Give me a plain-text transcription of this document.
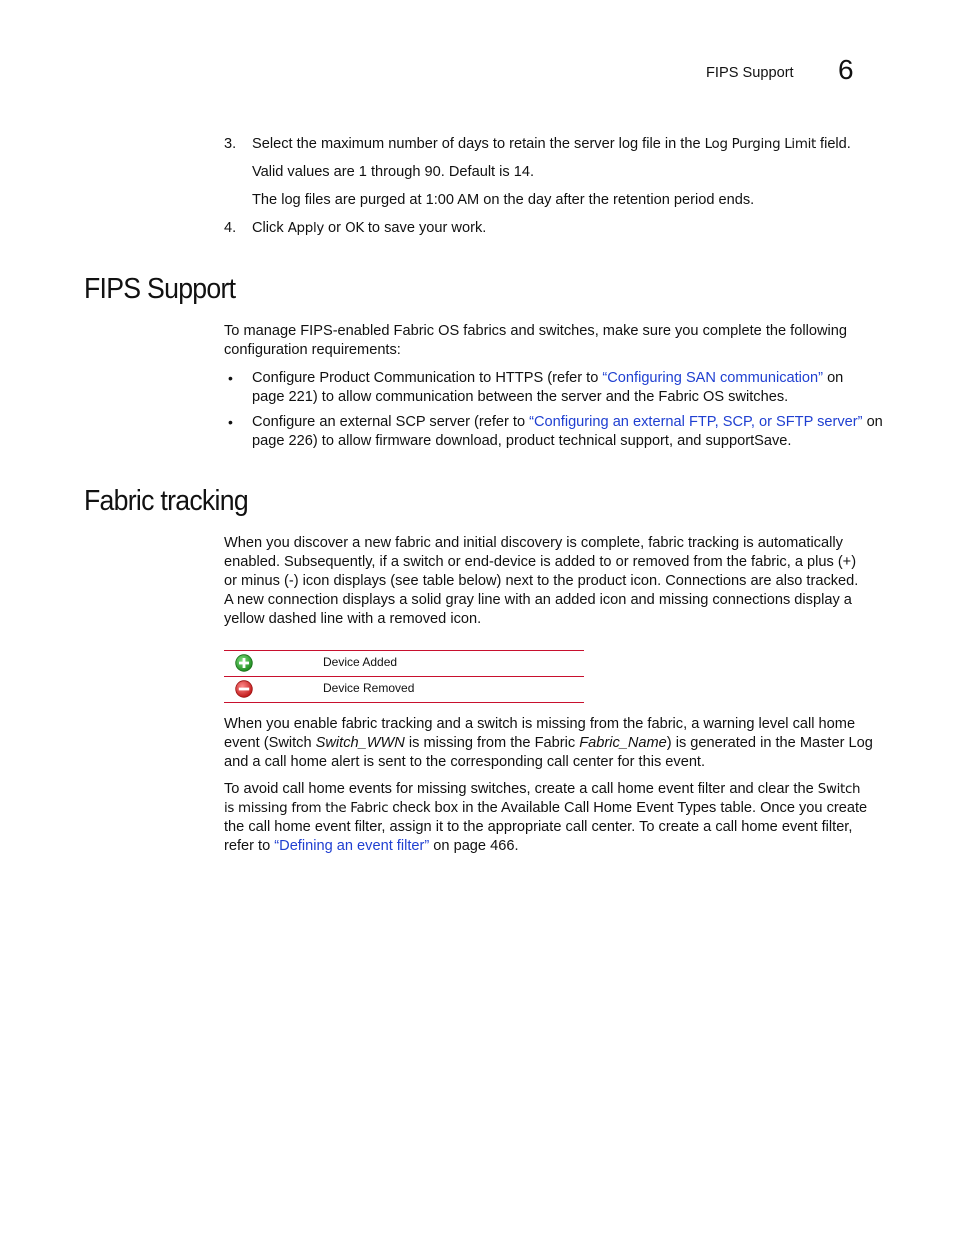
FIPS Support 6
3. Select the maximum number of days to retain the server log file in the Log Purging Limit field.
Valid values are 1 through 90. Default is 14.
The log files are purged at 1:00 AM on the day after the retention period ends.
4. Click Apply or OK to save your work.
FIPS Support
To manage FIPS-enabled Fabric OS fabrics and switches, make sure you complete the following
configuration requirements:
• Configure Product Communication to HTTPS (refer to “Configuring SAN communication” on
page 221) to allow communication between the server and the Fabric OS switches.
• Configure an external SCP server (refer to “Configuring an external FTP, SCP, or SFTP server” on
page 226) to allow firmware download, product technical support, and supportSave.
Fabric tracking
When you discover a new fabric and initial discovery is complete, fabric tracking is automatically
enabled. Subsequently, if a switch or end-device is added to or removed from the fabric, a plus (+)
or minus (-) icon displays (see table below) next to the product icon. Connections are also tracked.
A new connection displays a solid gray line with an added icon and missing connections display a
yellow dashed line with a removed icon.
Device Added
Device Removed
When you enable fabric tracking and a switch is missing from the fabric, a warning level call home
event (Switch Switch_WWN is missing from the Fabric Fabric_Name) is generated in the Master Log
and a call home alert is sent to the corresponding call center for this event.
To avoid call home events for missing switches, create a call home event filter and clear the Switch
is missing from the Fabric check box in the Available Call Home Event Types table. Once you create
the call home event filter, assign it to the appropriate call center. To create a call home event filter,
refer to “Defining an event filter” on page 466.
